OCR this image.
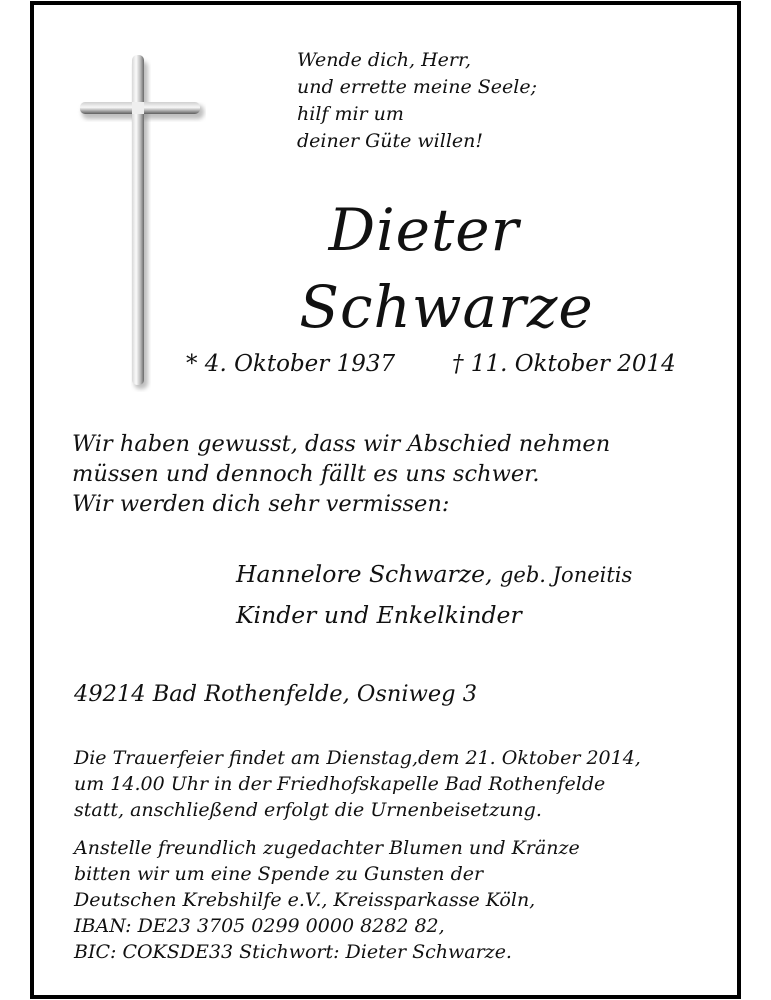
Wende dich, Herr,
und errette meine Seele;
hilf mir um
deiner Güte willen!
Dieter
Schwarze
* 4. Oktober 1937 † 11. Oktober 2014
Wir haben gewusst, dass wir Abschied nehmen
müssen und dennoch fällt es uns schwer.
Wir werden dich sehr vermissen:
Hannelore Schwarze, geb. Joneitis
Kinder und Enkelkinder
49214 Bad Rothenfelde, Osniweg 3
Die Trauerfeier findet am Dienstag,dem 21. Oktober 2014,
um 14.00 Uhr in der Friedhofskapelle Bad Rothenfelde
statt, anschließend erfolgt die Urnenbeisetzung.
Anstelle freundlich zugedachter Blumen und Kränze
bitten wir um eine Spende zu Gunsten der
Deutschen Krebshilfe e.V., Kreissparkasse Köln,
IBAN: DE23 3705 0299 0000 8282 82,
BIC: COKSDE33 Stichwort: Dieter Schwarze.
